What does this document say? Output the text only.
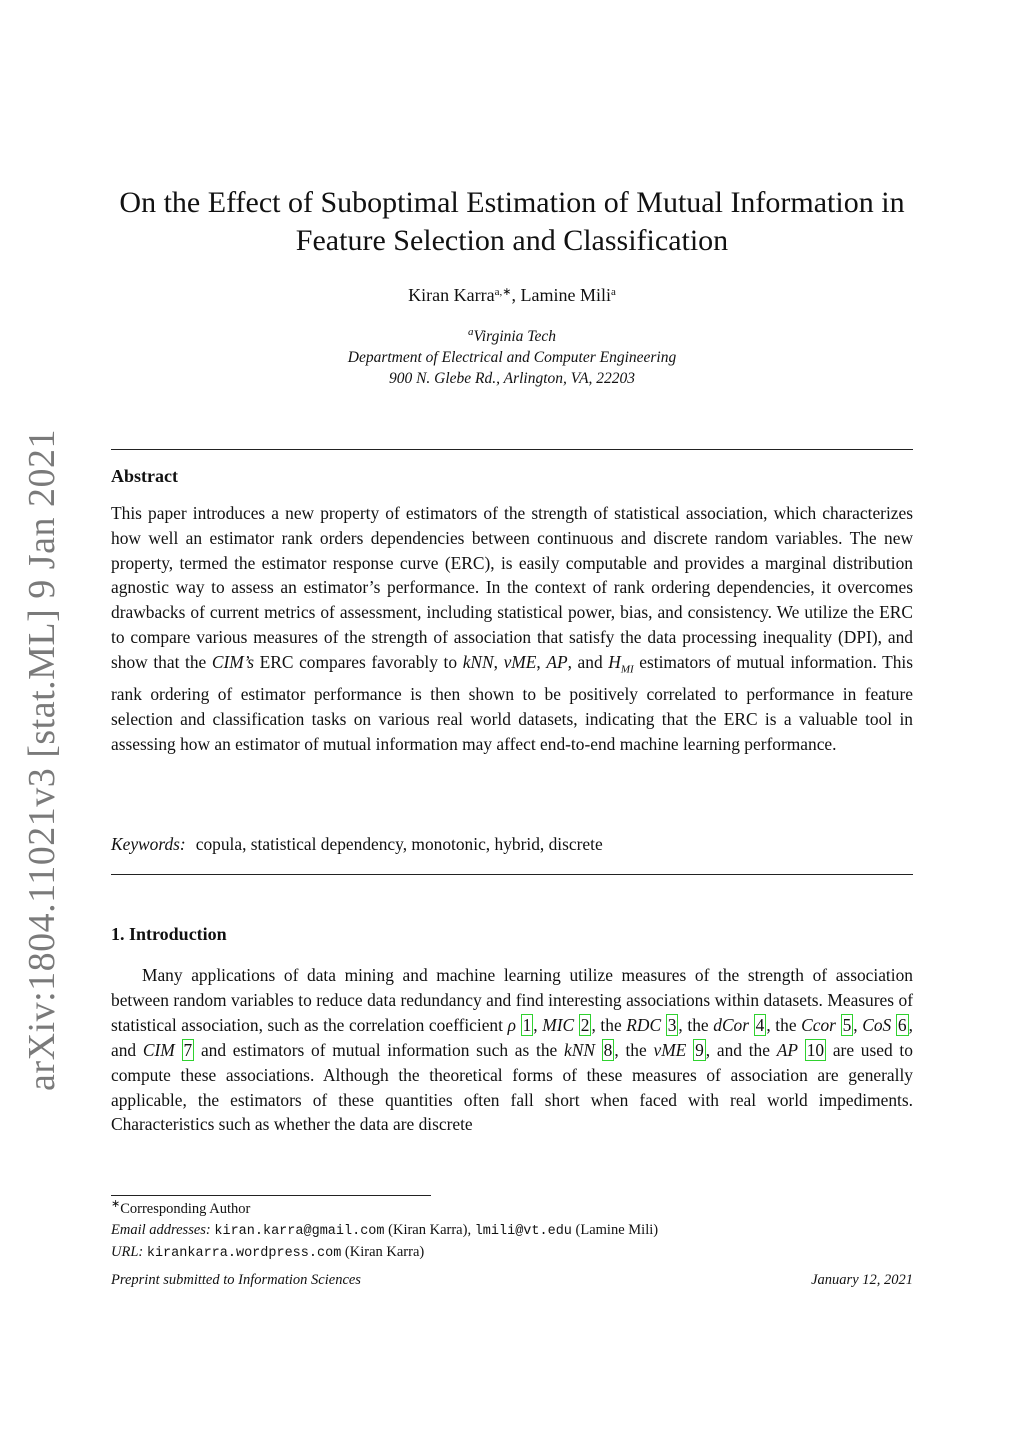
arXiv:1804.11021v3 [stat.ML] 9 Jan 2021
On the Effect of Suboptimal Estimation of Mutual Information in
Feature Selection and Classification
Kiran Karra$^{a,∗}$, Lamine Mili$^a$
$^a$Virginia Tech
Department of Electrical and Computer Engineering
900 N. Glebe Rd., Arlington, VA, 22203
Abstract

This paper introduces a new property of estimators of the strength of statistical association, which characterizes how well an estimator rank orders dependencies between continuous and discrete random variables. The new property, termed the estimator response curve (ERC), is easily computable and provides a marginal distribution agnostic way to assess an estimator’s performance. In the context of rank ordering dependencies, it overcomes drawbacks of current metrics of assessment, including statistical power, bias, and consistency. We utilize the ERC to compare various measures of the strength of association that satisfy the data processing inequality (DPI), and show that the CIM’s ERC compares favorably to kNN, vME, AP, and $H_{MI}$ estimators of mutual information. This rank ordering of estimator performance is then shown to be positively correlated to performance in feature selection and classification tasks on various real world datasets, indicating that the ERC is a valuable tool in assessing how an estimator of mutual information may affect end-to-end machine learning performance.

Keywords: copula, statistical dependency, monotonic, hybrid, discrete
1. Introduction

Many applications of data mining and machine learning utilize measures of the strength of association between random variables to reduce data redundancy and find interesting associations within datasets. Measures of statistical association, such as the correlation coefficient ρ 1 , MIC 2 , the RDC 3 , the dCor 4 , the Ccor 5 , CoS 6 , and CIM 7 and estimators of mutual information such as the kNN 8 , the vME 9 , and the AP 10 are used to compute these associations. Although the theoretical forms of these measures of association are generally applicable, the estimators of these quantities often fall short when faced with real world impediments. Characteristics such as whether the data are discrete

∗Corresponding Author
Email addresses: kiran.karra@gmail.com (Kiran Karra), lmili@vt.edu (Lamine Mili)
URL: kirankarra.wordpress.com (Kiran Karra)
Preprint submitted to Information Sciences	January 12, 2021
